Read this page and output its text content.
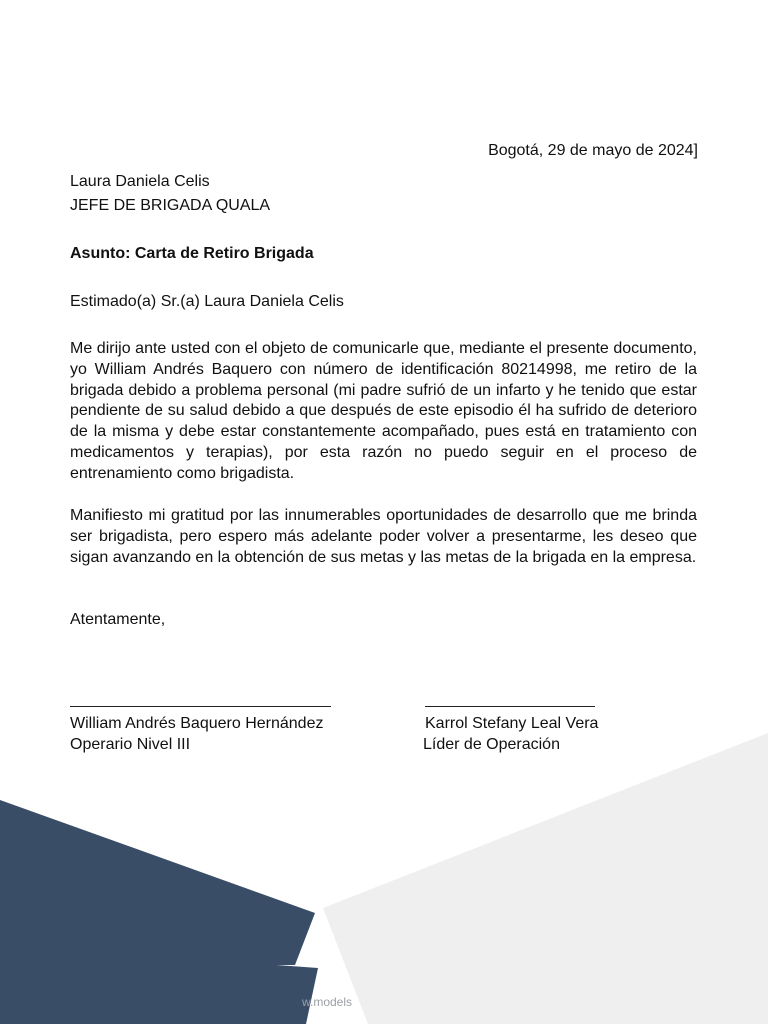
Bogotá, 29 de mayo de 2024]
Laura Daniela Celis
JEFE DE BRIGADA QUALA
Asunto: Carta de Retiro Brigada
Estimado(a) Sr.(a) Laura Daniela Celis
Me dirijo ante usted con el objeto de comunicarle que, mediante el presente documento, yo William Andrés Baquero con número de identificación 80214998, me retiro de la brigada debido a problema personal (mi padre sufrió de un infarto y he tenido que estar pendiente de su salud debido a que después de este episodio él ha sufrido de deterioro de la misma y debe estar constantemente acompañado, pues está en tratamiento con medicamentos y terapias), por esta razón no puedo seguir en el proceso de entrenamiento como brigadista.
Manifiesto mi gratitud por las innumerables oportunidades de desarrollo que me brinda ser brigadista, pero espero más adelante poder volver a presentarme, les deseo que sigan avanzando en la obtención de sus metas y las metas de la brigada en la empresa.
Atentamente,
William Andrés Baquero Hernández
Operario Nivel III
Karrol Stefany Leal Vera
Líder de Operación
w.models
